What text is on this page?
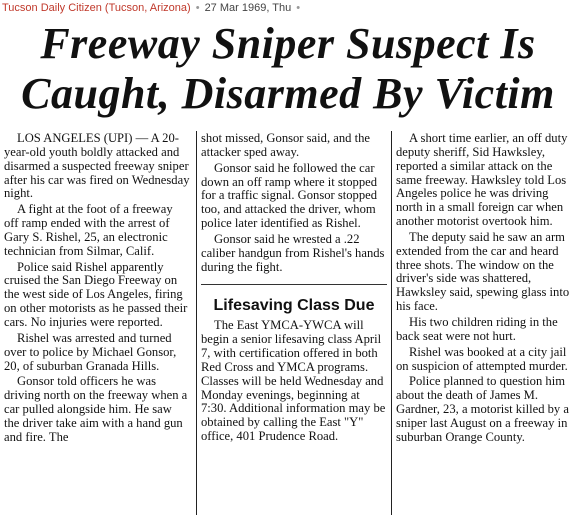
Tucson Daily Citizen (Tucson, Arizona) • 27 Mar 1969, Thu •
Freeway Sniper Suspect Is
Caught, Disarmed By Victim

LOS ANGELES (UPI) — A 20-year-old youth boldly attacked and disarmed a suspected freeway sniper after his car was fired on Wednesday night.

A fight at the foot of a freeway off ramp ended with the arrest of Gary S. Rishel, 25, an electronic technician from Silmar, Calif.

Police said Rishel apparently cruised the San Diego Freeway on the west side of Los Angeles, firing on other motorists as he passed their cars. No injuries were reported.

Rishel was arrested and turned over to police by Michael Gonsor, 20, of suburban Granada Hills.

Gonsor told officers he was driving north on the freeway when a car pulled alongside him. He saw the driver take aim with a hand gun and fire. The

shot missed, Gonsor said, and the attacker sped away.

Gonsor said he followed the car down an off ramp where it stopped for a traffic signal. Gonsor stopped too, and attacked the driver, whom police later identified as Rishel.

Gonsor said he wrested a .22 caliber handgun from Rishel's hands during the fight.

Lifesaving Class Due

The East YMCA-YWCA will begin a senior lifesaving class April 7, with certification offered in both Red Cross and YMCA programs. Classes will be held Wednesday and Monday evenings, beginning at 7:30. Additional information may be obtained by calling the East "Y" office, 401 Prudence Road.

A short time earlier, an off duty deputy sheriff, Sid Hawksley, reported a similar attack on the same freeway. Hawksley told Los Angeles police he was driving north in a small foreign car when another motorist overtook him.

The deputy said he saw an arm extended from the car and heard three shots. The window on the driver's side was shattered, Hawksley said, spewing glass into his face.

His two children riding in the back seat were not hurt.

Rishel was booked at a city jail on suspicion of attempted murder.

Police planned to question him about the death of James M. Gardner, 23, a motorist killed by a sniper last August on a freeway in suburban Orange County.
